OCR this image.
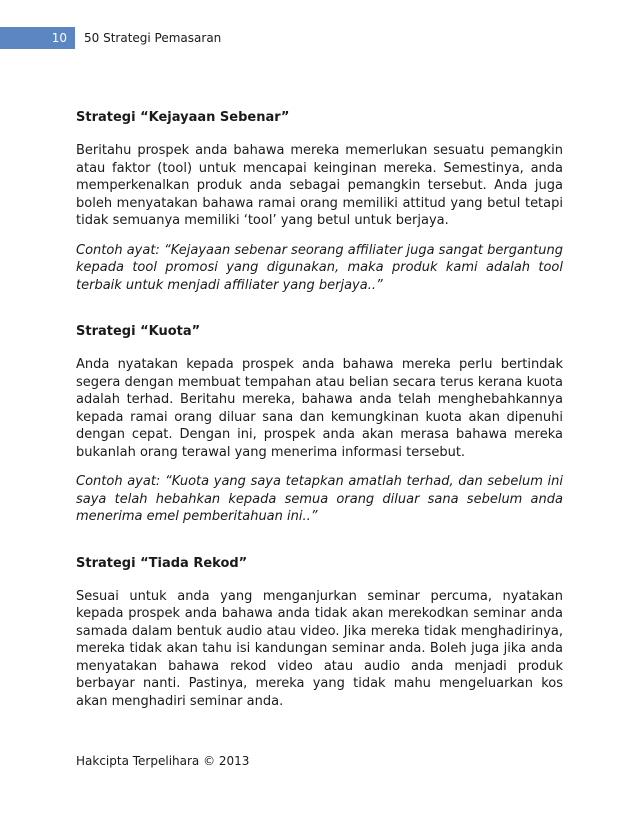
10	50 Strategi Pemasaran

Strategi “Kejayaan Sebenar”

Beritahu prospek anda bahawa mereka memerlukan sesuatu pemangkin atau faktor (tool) untuk mencapai keinginan mereka. Semestinya, anda memperkenalkan produk anda sebagai pemangkin tersebut. Anda juga boleh menyatakan bahawa ramai orang memiliki attitud yang betul tetapi tidak semuanya memiliki ‘tool’ yang betul untuk berjaya.

Contoh ayat: “Kejayaan sebenar seorang affiliater juga sangat bergantung kepada tool promosi yang digunakan, maka produk kami adalah tool terbaik untuk menjadi affiliater yang berjaya..”

Strategi “Kuota”

Anda nyatakan kepada prospek anda bahawa mereka perlu bertindak segera dengan membuat tempahan atau belian secara terus kerana kuota adalah terhad. Beritahu mereka, bahawa anda telah menghebahkannya kepada ramai orang diluar sana dan kemungkinan kuota akan dipenuhi dengan cepat. Dengan ini, prospek anda akan merasa bahawa mereka bukanlah orang terawal yang menerima informasi tersebut.

Contoh ayat: “Kuota yang saya tetapkan amatlah terhad, dan sebelum ini saya telah hebahkan kepada semua orang diluar sana sebelum anda menerima emel pemberitahuan ini..”

Strategi “Tiada Rekod”

Sesuai untuk anda yang menganjurkan seminar percuma, nyatakan kepada prospek anda bahawa anda tidak akan merekodkan seminar anda samada dalam bentuk audio atau video. Jika mereka tidak menghadirinya, mereka tidak akan tahu isi kandungan seminar anda. Boleh juga jika anda menyatakan bahawa rekod video atau audio anda menjadi produk berbayar nanti. Pastinya, mereka yang tidak mahu mengeluarkan kos akan menghadiri seminar anda.

Hakcipta Terpelihara © 2013
